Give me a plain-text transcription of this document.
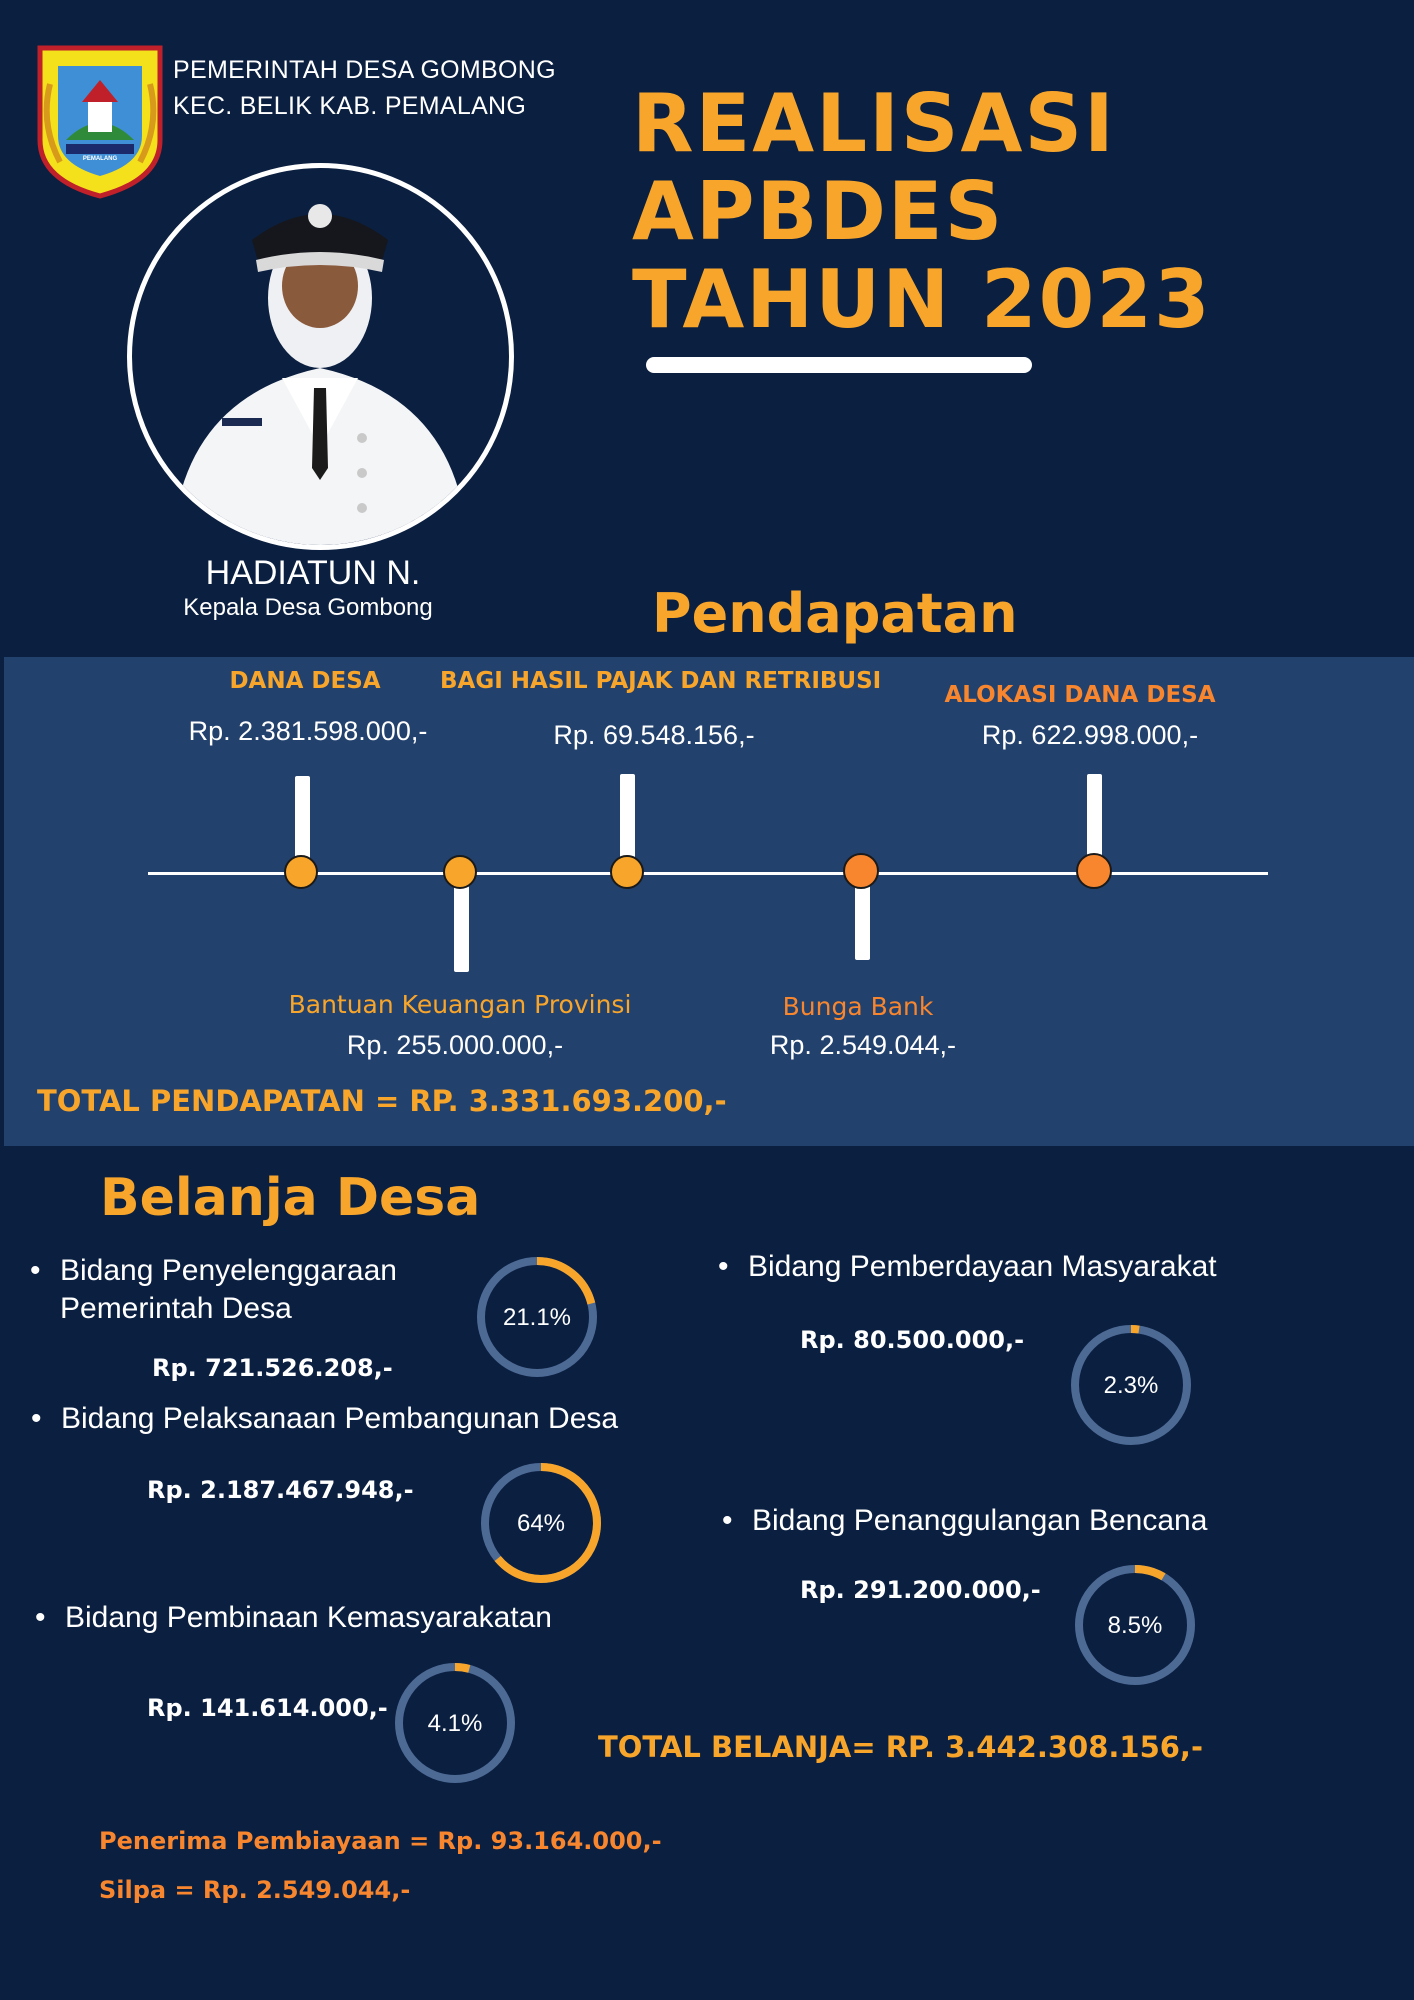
PEMALANG
PEMERINTAH DESA GOMBONG
KEC. BELIK KAB. PEMALANG REALISASI
APBDES
TAHUN 2023
HADIATUN N.
Kepala Desa Gombong	Pendapatan
DANA DESA
Rp. 2.381.598.000,-
BAGI HASIL PAJAK DAN RETRIBUSI
Rp. 69.548.156,-
ALOKASI DANA DESA
Rp. 622.998.000,-
Bantuan Keuangan Provinsi
Rp. 255.000.000,-
Bunga Bank
Rp. 2.549.044,-
TOTAL PENDAPATAN = RP. 3.331.693.200,-
Belanja Desa
• Bidang Penyelenggaraan Pemerintah Desa
Rp. 721.526.208,-
• Bidang Pelaksanaan Pembangunan Desa
Rp. 2.187.467.948,-
• Bidang Pembinaan Kemasyarakatan
Rp. 141.614.000,-
• Bidang Pemberdayaan Masyarakat
Rp. 80.500.000,-
• Bidang Penanggulangan Bencana
Rp. 291.200.000,-
21.1%
64%
4.1%
2.3%
8.5%
TOTAL BELANJA= RP. 3.442.308.156,-
Penerima Pembiayaan = Rp. 93.164.000,-
Silpa = Rp. 2.549.044,-
